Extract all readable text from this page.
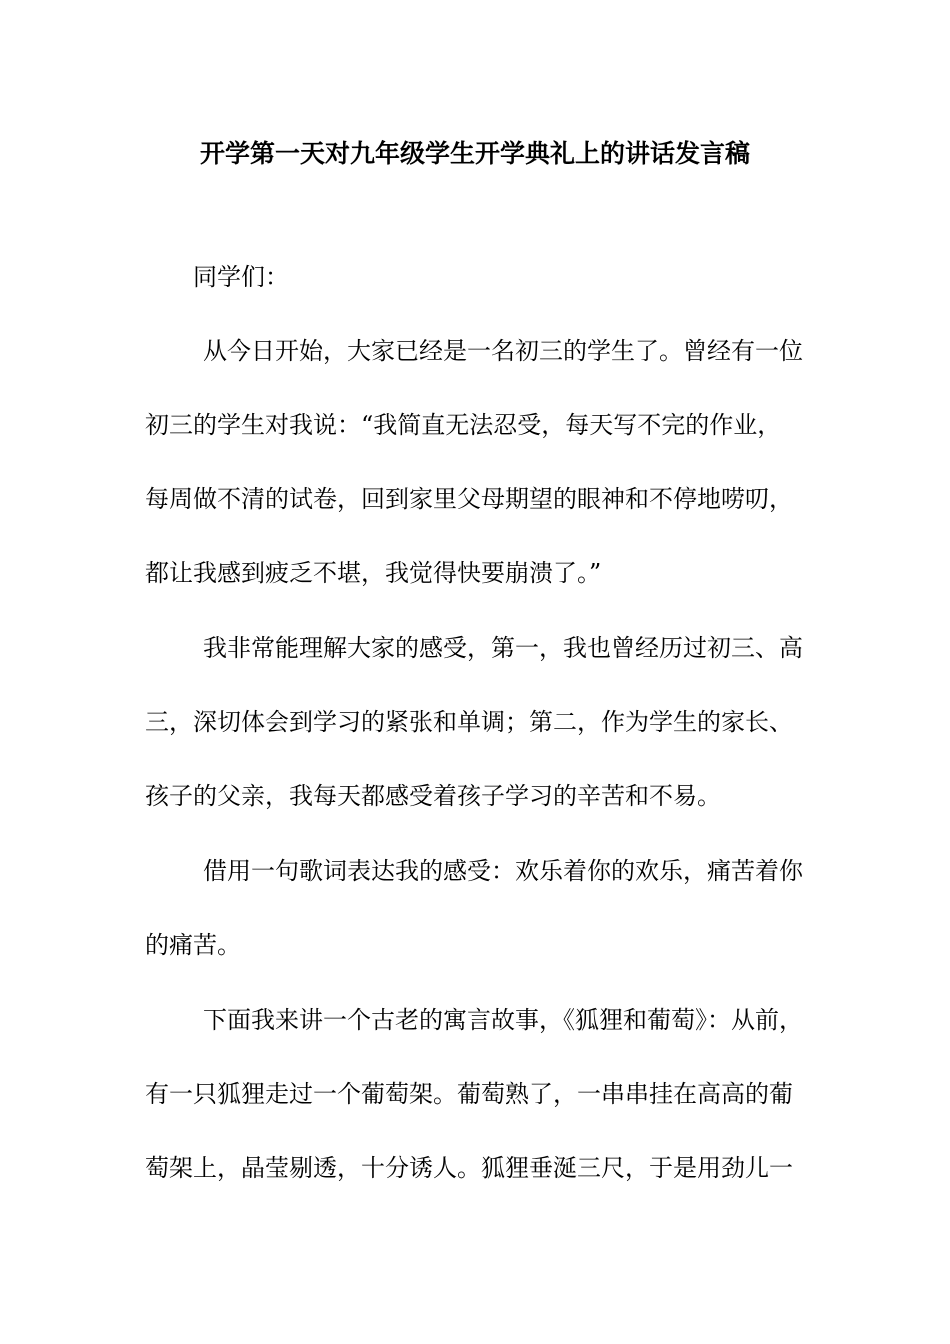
开学第一天对九年级学生开学典礼上的讲话发言稿
同学们：
从今日开始，大家已经是一名初三的学生了。曾经有一位
初三的学生对我说：“我简直无法忍受，每天写不完的作业，
每周做不清的试卷，回到家里父母期望的眼神和不停地唠叨，
都让我感到疲乏不堪，我觉得快要崩溃了。”
我非常能理解大家的感受，第一，我也曾经历过初三、高
三，深切体会到学习的紧张和单调；第二，作为学生的家长、
孩子的父亲，我每天都感受着孩子学习的辛苦和不易。
借用一句歌词表达我的感受：欢乐着你的欢乐，痛苦着你
的痛苦。
下面我来讲一个古老的寓言故事，《狐狸和葡萄》：从前，
有一只狐狸走过一个葡萄架。葡萄熟了，一串串挂在高高的葡
萄架上，晶莹剔透，十分诱人。狐狸垂涎三尺，于是用劲儿一
